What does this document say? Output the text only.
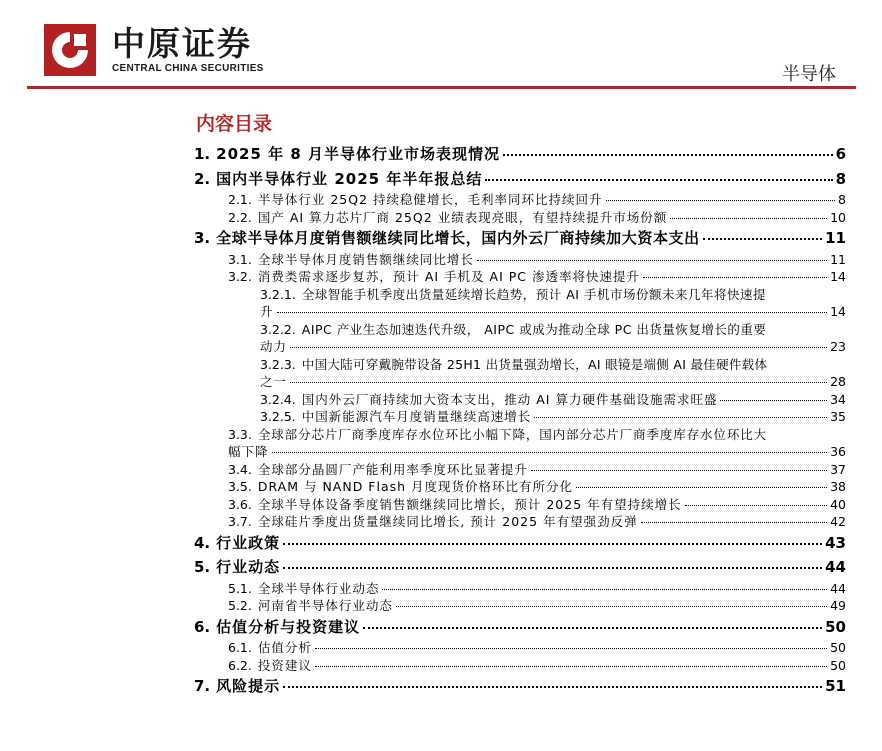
中原证券
CENTRAL CHINA SECURITIES	半导体
内容目录
1. 2025 年 8 月半导体行业市场表现情况	6
2. 国内半导体行业 2025 年半年报总结	8
2.1. 半导体行业 25Q2 持续稳健增长，毛利率同环比持续回升	8
2.2. 国产 AI 算力芯片厂商 25Q2 业绩表现亮眼，有望持续提升市场份额	10
3. 全球半导体月度销售额继续同比增长，国内外云厂商持续加大资本支出	11
3.1. 全球半导体月度销售额继续同比增长	11
3.2. 消费类需求逐步复苏，预计 AI 手机及 AI PC 渗透率将快速提升	14
3.2.1. 全球智能手机季度出货量延续增长趋势，预计 AI 手机市场份额未来几年将快速提
升	14
3.2.2. AIPC 产业生态加速迭代升级， AIPC 或成为推动全球 PC 出货量恢复增长的重要
动力	23
3.2.3. 中国大陆可穿戴腕带设备 25H1 出货量强劲增长，AI 眼镜是端侧 AI 最佳硬件载体
之一	28
3.2.4. 国内外云厂商持续加大资本支出，推动 AI 算力硬件基础设施需求旺盛	34
3.2.5. 中国新能源汽车月度销量继续高速增长	35
3.3. 全球部分芯片厂商季度库存水位环比小幅下降，国内部分芯片厂商季度库存水位环比大
幅下降	36
3.4. 全球部分晶圆厂产能利用率季度环比显著提升	37
3.5. DRAM 与 NAND Flash 月度现货价格环比有所分化	38
3.6. 全球半导体设备季度销售额继续同比增长，预计 2025 年有望持续增长	40
3.7. 全球硅片季度出货量继续同比增长, 预计 2025 年有望强劲反弹	42
4. 行业政策	43
5. 行业动态	44
5.1. 全球半导体行业动态	44
5.2. 河南省半导体行业动态	49
6. 估值分析与投资建议	50
6.1. 估值分析	50
6.2. 投资建议	50
7. 风险提示	51
